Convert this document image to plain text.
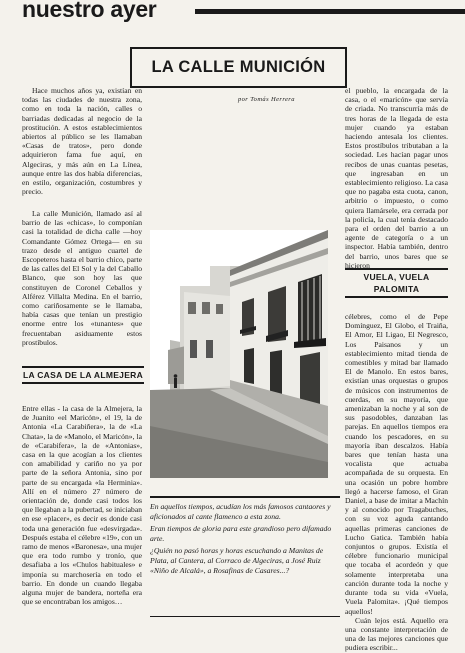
nuestro ayer
LA CALLE MUNICIÓN
por Tomás Herrera

Hace muchos años ya, existían en todas las ciudades de nuestra zona, como en toda la nación, calles o barriadas dedicadas al negocio de la prostitución. A estos establecimientos abiertos al público se les llamaban «Casas de tratos», pero donde adquirieron fama fue aquí, en Algeciras, y más aún en La Línea, aunque entre las dos había diferencias, en estilo, organización, costumbres y precio.

La calle Munición, llamado así al barrio de las «chicas», lo componían casi la totalidad de dicha calle —hoy Comandante Gómez Ortega— en su trazo desde el antiguo cuartel de Escopeteros hasta el barrio chico, parte de las calles del El Sol y la del Caballo Blanco, que son hoy las que constituyen de Coronel Ceballos y Alférez Villalta Medina. En el barrio, como cariñosamente se le llamaba, había casas que tenían un prestigio enorme entre los «tunantes» que frecuentaban asiduamente estos prostíbulos.

LA CASA DE LA ALMEJERA

Entre ellas - la casa de la Almejera, la de Juanito «el Maricón», el 19, la de Antonia «La Carabiñera», la de «La Chata», la de «Manolo, el Maricón», la de «Carabifera», la de «Antonias», casa en la que acogían a los clientes con amabilidad y cariño no ya por parte de la señora Antonia, sino por parte de su encargada «la Herminia». Allí en el número 27 número de orientación de, donde casi todos los que llegaban a la pubertad, se iniciaban en ese «placer», es decir es donde casi toda una generación fue «desvirgada». Después estaba el célebre «19», con un ramo de menos «Baronesa», una mujer que era todo rumbo y tronío, que desafiaba a los «Chulos habituales» e imponía su marchosería en todo el barrio. En donde un cuando llegaba alguna mujer de bandera, norteña era que se encontraban los amigos…

el pueblo, la encargada de la casa, o el «maricón» que servía de criada. No transcurría más de tres horas de la llegada de esta mujer cuando ya estaban haciendo antesala los clientes. Estos prostíbulos tributaban a la sociedad. Les hacían pagar unos recibos de unas cuantas pesetas, que ingresaban en un establecimiento religioso. La casa que no pagaba esta cuota, canon, arbitrio o impuesto, o como quiera llamársele, era cerrada por la policía, la cual tenía destacado para el orden del barrio a un agente de categoría o a un inspector. Había también, dentro del barrio, unos bares que se hicieron

VUELA, VUELA PALOMITA

célebres, como el de Pepe Domínguez, El Globo, el Traiña, El Amor, El Ligao, El Negresco, Los Paisanos y un establecimiento mitad tienda de comestibles y mitad bar llamado El de Manolo. En estos bares, existían unas orquestas o grupos de músicos con instrumentos de cuerdas, en su mayoría, que amenizaban la noche y al son de sus pasodobles, danzaban las parejas. En aquellos tiempos era cuando los pescadores, en su mayoría iban descalzos. Había bares que tenían hasta una vocalista que actuaba acompañada de su orquesta. En una ocasión un pobre hombre llegó a hacerse famoso, el Gran Daniel, a base de imitar a Machín y al conocido por Tragabuches, con su voz aguda cantando aquellas primeras canciones de Lucho Gatica. También había conjuntos o grupos. Existía el célebre funcionario municipal que tocaba el acordeón y que solamente interpretaba una canción durante toda la noche y durante toda su vida «Vuela, Vuela Palomita». ¡Qué tiempos aquellos!

Cuán lejos está. Aquello era una constante interpretación de una de las mejores canciones que pudiera escribir...

En aquellos tiempos, acudían los más famosos cantaores y aficionados al cante flamenco a esta zona.

Eran tiempos de gloria para este grandioso pero difamado arte.

¿Quién no pasó horas y horas escuchando a Manitas de Plata, al Cantera, al Corraco de Algeciras, a José Ruiz «Niño de Alcalá», a Rosafinas de Casares...?
